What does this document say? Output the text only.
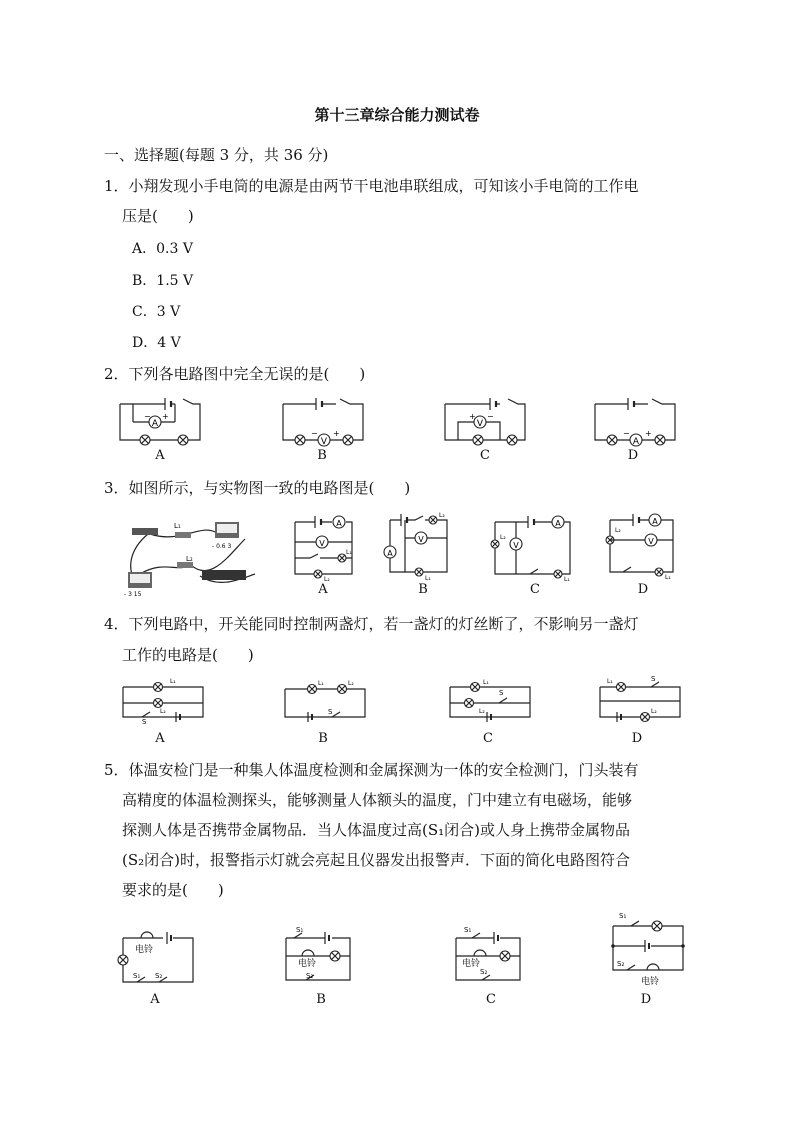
第十三章综合能力测试卷
一、选择题(每题 3 分，共 36 分)
1．小翔发现小手电筒的电源是由两节干电池串联组成，可知该小手电筒的工作电
压是(　　)
A．0.3 V
B．1.5 V
C．3 V
D．4 V
2．下列各电路图中完全无误的是(　　)
A
− +
A
V
− +
B
V
+ −
C
A
− +
D
3．如图所示，与实物图一致的电路图是(　　)
L₁
L₂
- 0.6 3
- 3 15
A
V
L₁
L₂
A
L₂
V
A
L₁
B
A
L₂
V
L₁
C
A
L₂
V
L₁
D
4．下列电路中，开关能同时控制两盏灯，若一盏灯的灯丝断了，不影响另一盏灯
工作的电路是(　　)
L₁
L₂
S
A
L₁	L₂
S
B
L₁
L₂
S
C
L₁	S
L₂
D
5．体温安检门是一种集人体温度检测和金属探测为一体的安全检测门，门头装有
高精度的体温检测探头，能够测量人体额头的温度，门中建立有电磁场，能够
探测人体是否携带金属物品．当人体温度过高(S₁闭合)或人身上携带金属物品
(S₂闭合)时，报警指示灯就会亮起且仪器发出报警声．下面的简化电路图符合
要求的是(　　)
电铃
S₁ S₂
A
S₁
电铃
S₂
B
S₁
电铃
S₂
C
S₁
S₂
电铃
D
